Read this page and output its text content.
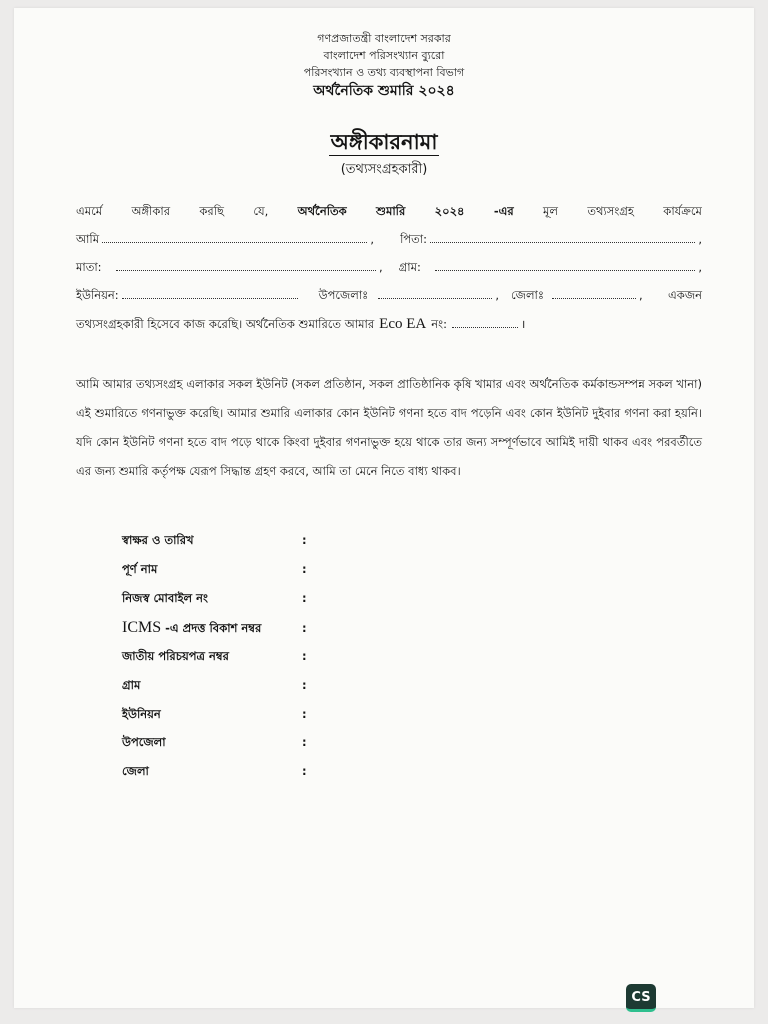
গণপ্রজাতন্ত্রী বাংলাদেশ সরকার
বাংলাদেশ পরিসংখ্যান ব্যুরো
পরিসংখ্যান ও তথ্য ব্যবস্থাপনা বিভাগ
অর্থনৈতিক শুমারি ২০২৪
অঙ্গীকারনামা
(তথ্যসংগ্রহকারী)
এমর্মে	অঙ্গীকার	করছি	যে,	অর্থনৈতিক	শুমারি	২০২৪	-এর	মূল	তথ্যসংগ্রহ	কার্যক্রমে
আমি	, পিতা:	,
মাতা:	, গ্রাম:	,
ইউনিয়ন:	উপজেলাঃ	, জেলাঃ	, একজন
তথ্যসংগ্রহকারী হিসেবে কাজ করেছি। অর্থনৈতিক শুমারিতে আমার Eco EA নং:	।
আমি আমার তথ্যসংগ্রহ এলাকার সকল ইউনিট (সকল প্রতিষ্ঠান, সকল প্রাতিষ্ঠানিক কৃষি খামার এবং অর্থনৈতিক কর্মকান্ডসম্পন্ন সকল খানা) এই শুমারিতে গণনাভুক্ত করেছি। আমার শুমারি এলাকার কোন ইউনিট গণনা হতে বাদ পড়েনি এবং কোন ইউনিট দুইবার গণনা করা হয়নি। যদি কোন ইউনিট গণনা হতে বাদ পড়ে থাকে কিংবা দুইবার গণনাভুক্ত হয়ে থাকে তার জন্য সম্পূর্ণভাবে আমিই দায়ী থাকব এবং পরবর্তীতে এর জন্য শুমারি কর্তৃপক্ষ যেরূপ সিদ্ধান্ত গ্রহণ করবে, আমি তা মেনে নিতে বাধ্য থাকব।
স্বাক্ষর ও তারিখ	:
পূর্ণ নাম	:
নিজস্ব মোবাইল নং	:
ICMS -এ প্রদত্ত বিকাশ নম্বর	:
জাতীয় পরিচয়পত্র নম্বর	:
গ্রাম	:
ইউনিয়ন	:
উপজেলা	:
জেলা	:
CS
